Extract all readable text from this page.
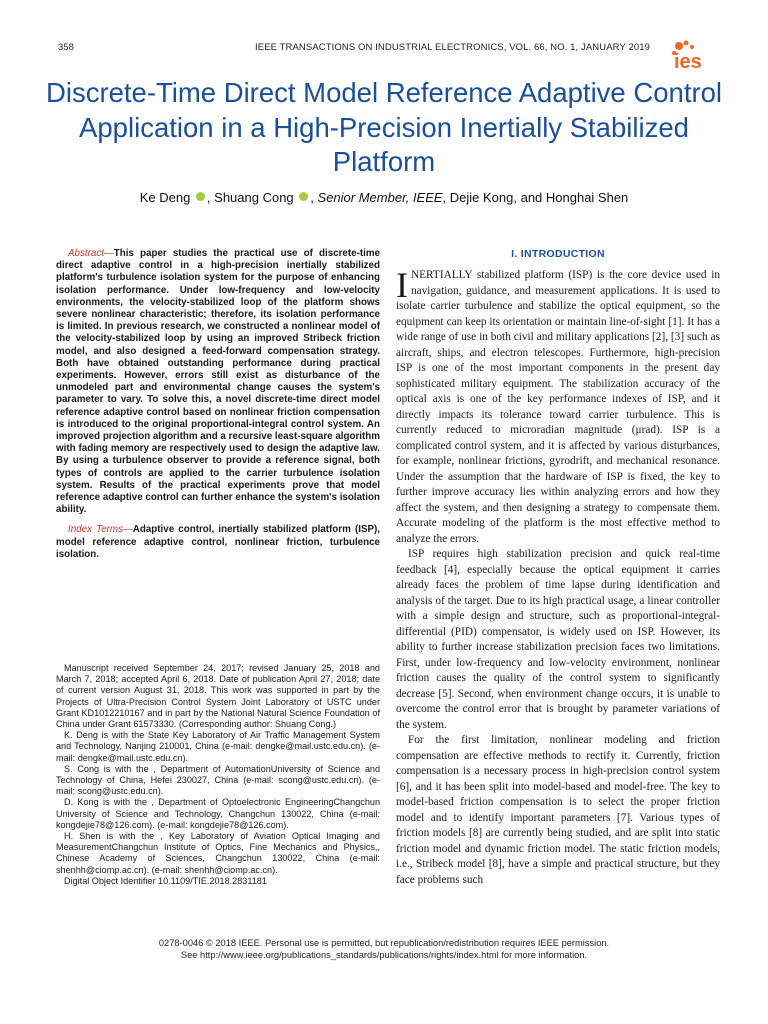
358	IEEE TRANSACTIONS ON INDUSTRIAL ELECTRONICS, VOL. 66, NO. 1, JANUARY 2019
ies
Discrete-Time Direct Model Reference Adaptive Control Application in a High-Precision Inertially Stabilized Platform
Ke Deng , Shuang Cong , Senior Member, IEEE, Dejie Kong, and Honghai Shen

Abstract—This paper studies the practical use of discrete-time direct adaptive control in a high-precision inertially stabilized platform's turbulence isolation system for the purpose of enhancing isolation performance. Under low-frequency and low-velocity environments, the velocity-stabilized loop of the platform shows severe nonlinear characteristic; therefore, its isolation performance is limited. In previous research, we constructed a nonlinear model of the velocity-stabilized loop by using an improved Stribeck friction model, and also designed a feed-forward compensation strategy. Both have obtained outstanding performance during practical experiments. However, errors still exist as disturbance of the unmodeled part and environmental change causes the system's parameter to vary. To solve this, a novel discrete-time direct model reference adaptive control based on nonlinear friction compensation is introduced to the original proportional-integral control system. An improved projection algorithm and a recursive least-square algorithm with fading memory are respectively used to design the adaptive law. By using a turbulence observer to provide a reference signal, both types of controls are applied to the carrier turbulence isolation system. Results of the practical experiments prove that model reference adaptive control can further enhance the system's isolation ability.

Index Terms—Adaptive control, inertially stabilized platform (ISP), model reference adaptive control, nonlinear friction, turbulence isolation.

Manuscript received September 24, 2017; revised January 25, 2018 and March 7, 2018; accepted April 6, 2018. Date of publication April 27, 2018; date of current version August 31, 2018. This work was supported in part by the Projects of Ultra-Precision Control System Joint Laboratory of USTC under Grant KD1012210167 and in part by the National Natural Science Foundation of China under Grant 61573330. (Corresponding author: Shuang Cong.)

K. Deng is with the State Key Laboratory of Air Traffic Management System and Technology, Nanjing 210001, China (e-mail: dengke@mail.ustc.edu.cn). (e-mail: dengke@mail.ustc.edu.cn).

S. Cong is with the , Department of AutomationUniversity of Science and Technology of China, Hefei 230027, China (e-mail: scong@ustc.edu.cn). (e-mail: scong@ustc.edu.cn).

D. Kong is with the , Department of Optoelectronic EngineeringChangchun University of Science and Technology, Changchun 130022, China (e-mail: kongdejie78@126.com). (e-mail: kongdejie78@126.com).

H. Shen is with the , Key Laboratory of Aviation Optical Imaging and MeasurementChangchun Institute of Optics, Fine Mechanics and Physics,, Chinese Academy of Sciences, Changchun 130022, China (e-mail: shenhh@ciomp.ac.cn). (e-mail: shenhh@ciomp.ac.cn).

Digital Object Identifier 10.1109/TIE.2018.2831181

I. INTRODUCTION

INERTIALLY stabilized platform (ISP) is the core device used in navigation, guidance, and measurement applications. It is used to isolate carrier turbulence and stabilize the optical equipment, so the equipment can keep its orientation or maintain line-of-sight [1]. It has a wide range of use in both civil and military applications [2], [3] such as aircraft, ships, and electron telescopes. Furthermore, high-precision ISP is one of the most important components in the present day sophisticated military equipment. The stabilization accuracy of the optical axis is one of the key performance indexes of ISP, and it directly impacts its tolerance toward carrier turbulence. This is currently reduced to microradian magnitude (μrad). ISP is a complicated control system, and it is affected by various disturbances, for example, nonlinear frictions, gyrodrift, and mechanical resonance. Under the assumption that the hardware of ISP is fixed, the key to further improve accuracy lies within analyzing errors and how they affect the system, and then designing a strategy to compensate them. Accurate modeling of the platform is the most effective method to analyze the errors.

ISP requires high stabilization precision and quick real-time feedback [4], especially because the optical equipment it carries already faces the problem of time lapse during identification and analysis of the target. Due to its high practical usage, a linear controller with a simple design and structure, such as proportional-integral-differential (PID) compensator, is widely used on ISP. However, its ability to further increase stabilization precision faces two limitations. First, under low-frequency and low-velocity environment, nonlinear friction causes the quality of the control system to significantly decrease [5]. Second, when environment change occurs, it is unable to overcome the control error that is brought by parameter variations of the system.

For the first limitation, nonlinear modeling and friction compensation are effective methods to rectify it. Currently, friction compensation is a necessary process in high-precision control system [6], and it has been split into model-based and model-free. The key to model-based friction compensation is to select the proper friction model and to identify important parameters [7]. Various types of friction models [8] are currently being studied, and are split into static friction model and dynamic friction model. The static friction models, i.e., Stribeck model [8], have a simple and practical structure, but they face problems such

0278-0046 © 2018 IEEE. Personal use is permitted, but republication/redistribution requires IEEE permission.
See http://www.ieee.org/publications_standards/publications/rights/index.html for more information.
